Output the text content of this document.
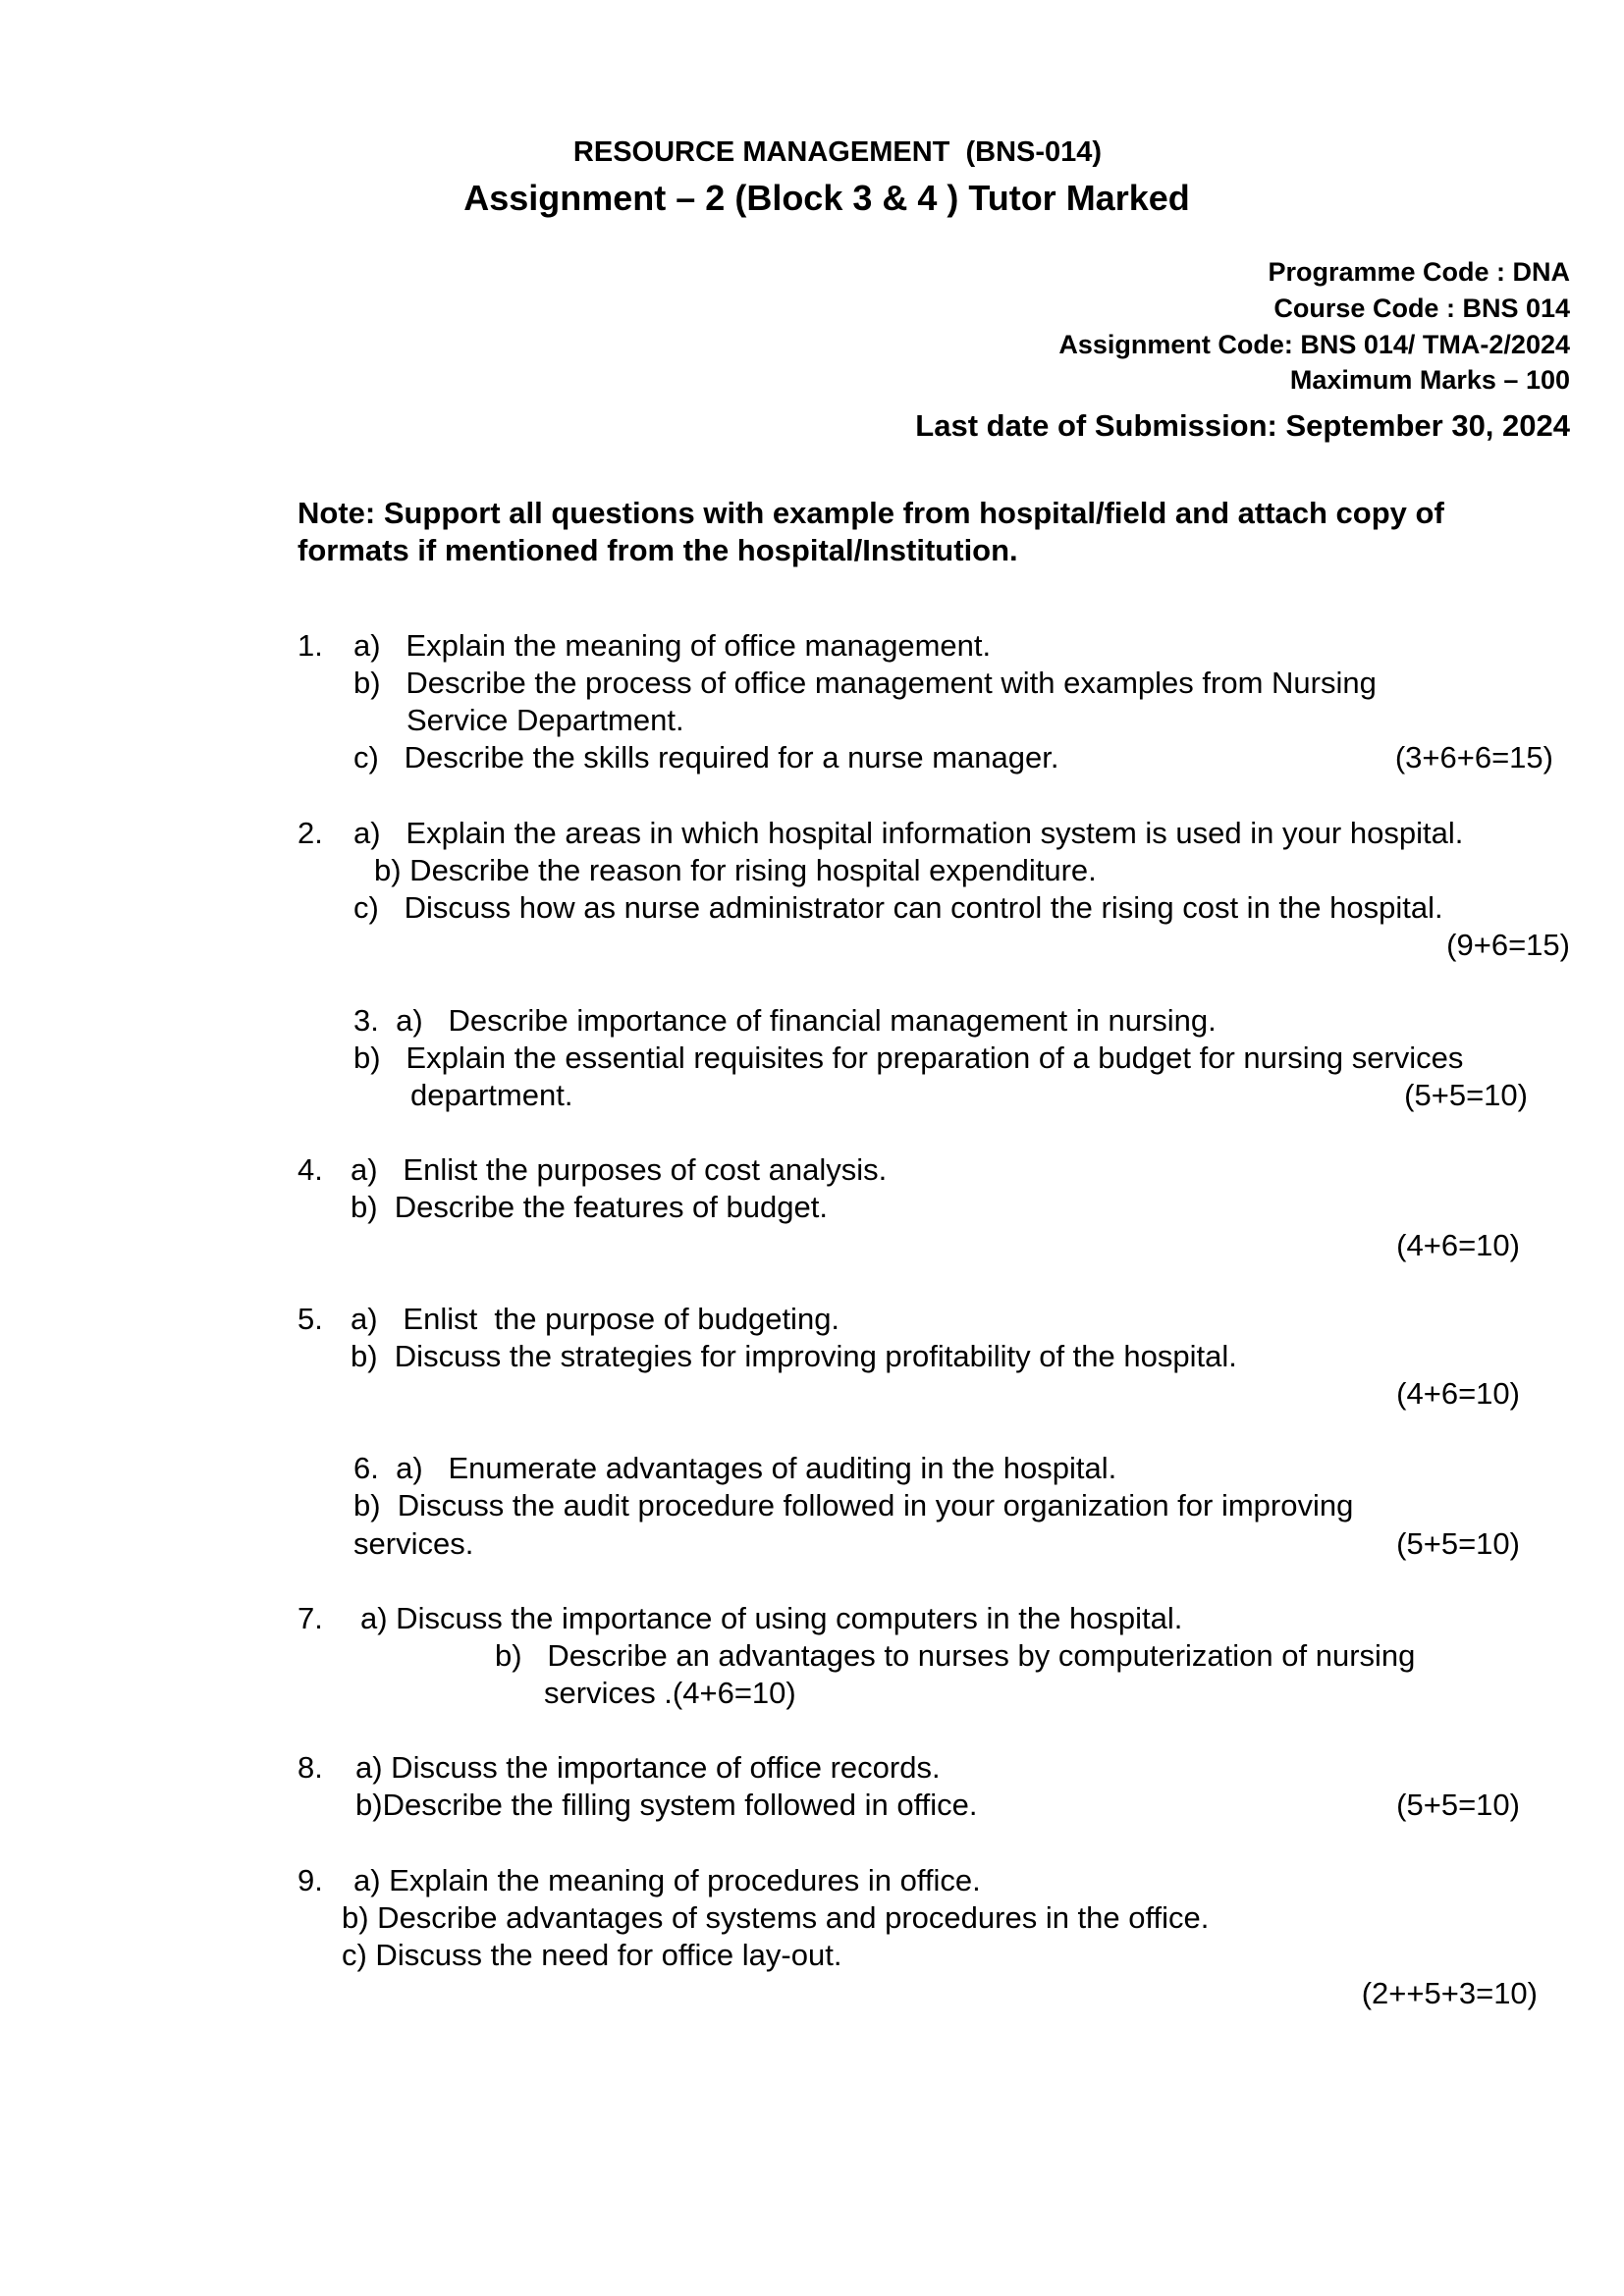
RESOURCE MANAGEMENT  (BNS-014)
Assignment – 2 (Block 3 & 4 ) Tutor Marked
Programme Code : DNA
Course Code : BNS 014
Assignment Code: BNS 014/ TMA-2/2024
Maximum Marks – 100
Last date of Submission: September 30, 2024
Note: Support all questions with example from hospital/field and attach copy of
formats if mentioned from the hospital/Institution.
1. a)   Explain the meaning of office management.
b)   Describe the process of office management with examples from Nursing
Service Department.
c)   Describe the skills required for a nurse manager.	(3+6+6=15)
2. a)   Explain the areas in which hospital information system is used in your hospital.
b) Describe the reason for rising hospital expenditure.
c)   Discuss how as nurse administrator can control the rising cost in the hospital.
(9+6=15)
3.  a)   Describe importance of financial management in nursing.
b)   Explain the essential requisites for preparation of a budget for nursing services
department.	(5+5=10)
4. a)   Enlist the purposes of cost analysis.
b)  Describe the features of budget.
(4+6=10)
5. a)   Enlist  the purpose of budgeting.
b)  Discuss the strategies for improving profitability of the hospital.
(4+6=10)
6.  a)   Enumerate advantages of auditing in the hospital.
b)  Discuss the audit procedure followed in your organization for improving
services.	(5+5=10)
7. a) Discuss the importance of using computers in the hospital.
b)   Describe an advantages to nurses by computerization of nursing
services .(4+6=10)
8. a) Discuss the importance of office records.
b)Describe the filling system followed in office.	(5+5=10)
9. a) Explain the meaning of procedures in office.
b) Describe advantages of systems and procedures in the office.
c) Discuss the need for office lay-out.
(2++5+3=10)
